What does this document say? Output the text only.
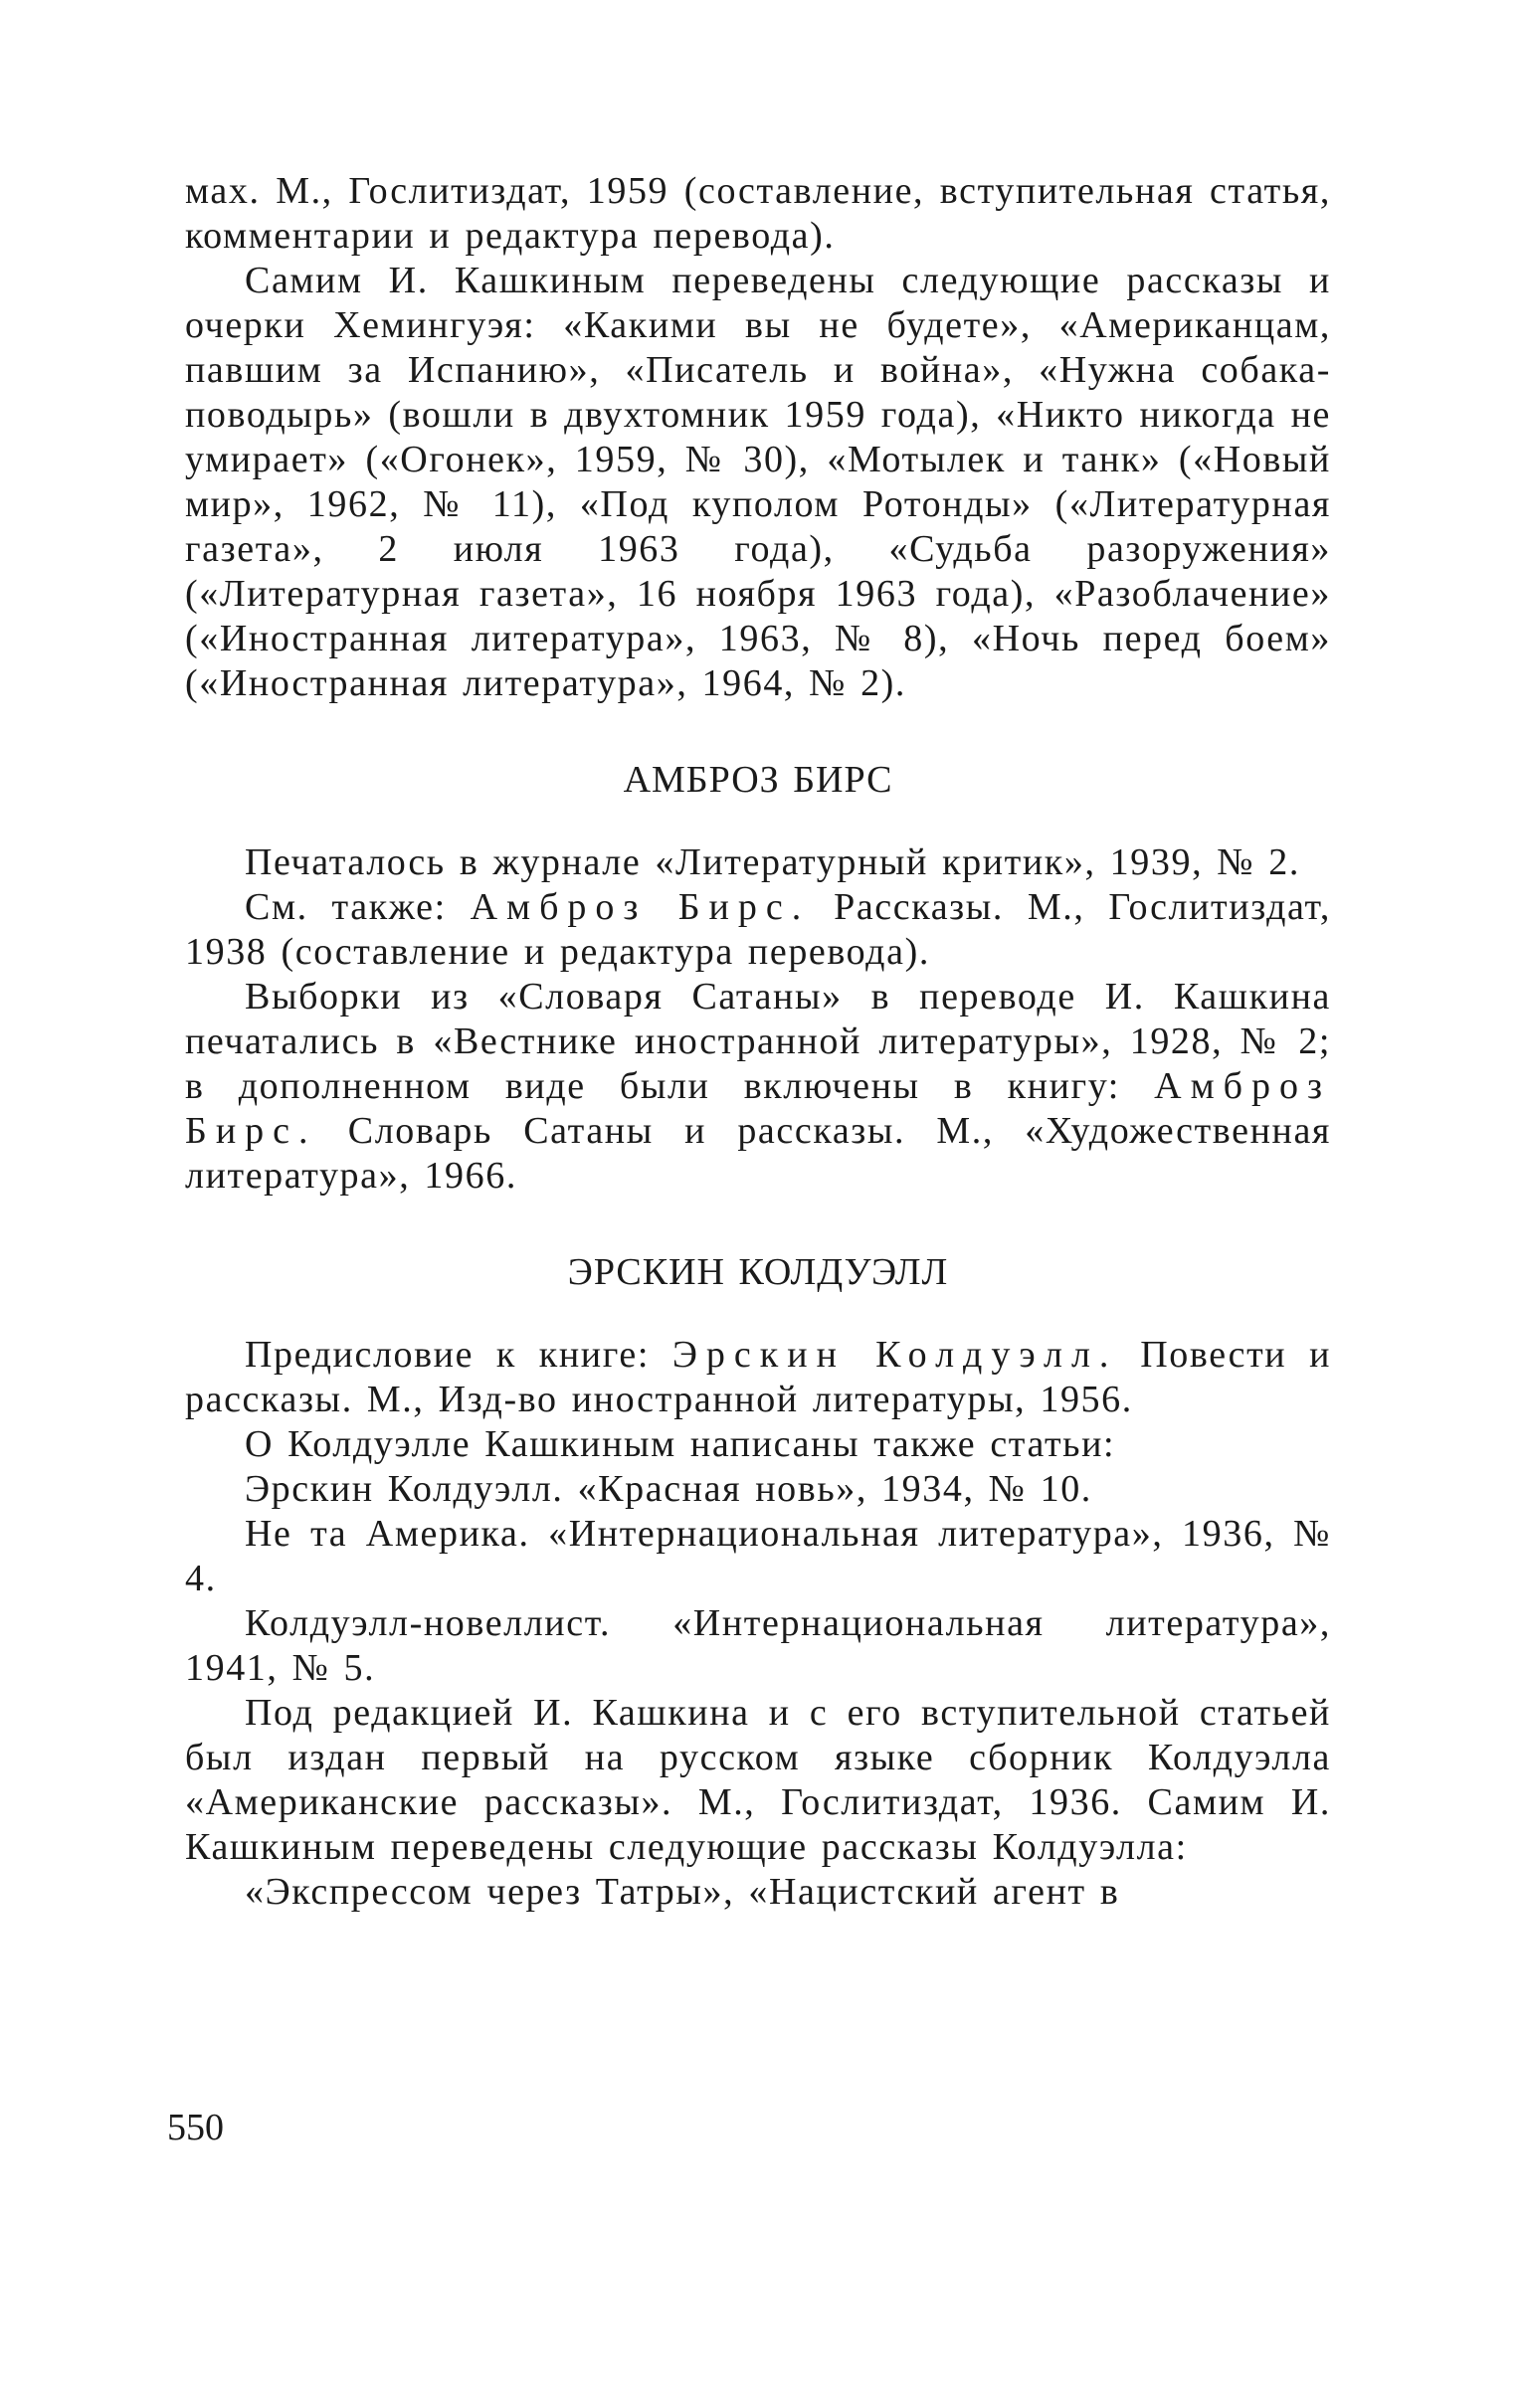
мах. М., Гослитиздат, 1959 (составление, вступительная статья, комментарии и редактура перевода).

Самим И. Кашкиным переведены следующие рассказы и очерки Хемингуэя: «Какими вы не будете», «Американцам, павшим за Испанию», «Писатель и война», «Нужна собака-поводырь» (вошли в двухтомник 1959 года), «Никто никогда не умирает» («Огонек», 1959, № 30), «Мотылек и танк» («Новый мир», 1962, № 11), «Под куполом Ротонды» («Литературная газета», 2 июля 1963 года), «Судьба разоружения» («Литературная газета», 16 ноября 1963 года), «Разоблачение» («Иностранная литература», 1963, № 8), «Ночь перед боем» («Иностранная литература», 1964, № 2).

АМБРОЗ БИРС

Печаталось в журнале «Литературный критик», 1939, № 2.

См. также: Амброз Бирс. Рассказы. М., Гослитиздат, 1938 (составление и редактура перевода).

Выборки из «Словаря Сатаны» в переводе И. Кашкина печатались в «Вестнике иностранной литературы», 1928, № 2; в дополненном виде были включены в книгу: Амброз Бирс. Словарь Сатаны и рассказы. М., «Художественная литература», 1966.

ЭРСКИН КОЛДУЭЛЛ

Предисловие к книге: Эрскин Колдуэлл. Повести и рассказы. М., Изд-во иностранной литературы, 1956.

О Колдуэлле Кашкиным написаны также статьи:

Эрскин Колдуэлл. «Красная новь», 1934, № 10.

Не та Америка. «Интернациональная литература», 1936, № 4.

Колдуэлл-новеллист. «Интернациональная литература», 1941, № 5.

Под редакцией И. Кашкина и с его вступительной статьей был издан первый на русском языке сборник Колдуэлла «Американские рассказы». М., Гослитиздат, 1936. Самим И. Кашкиным переведены следующие рассказы Колдуэлла:

«Экспрессом через Татры», «Нацистский агент в

550
